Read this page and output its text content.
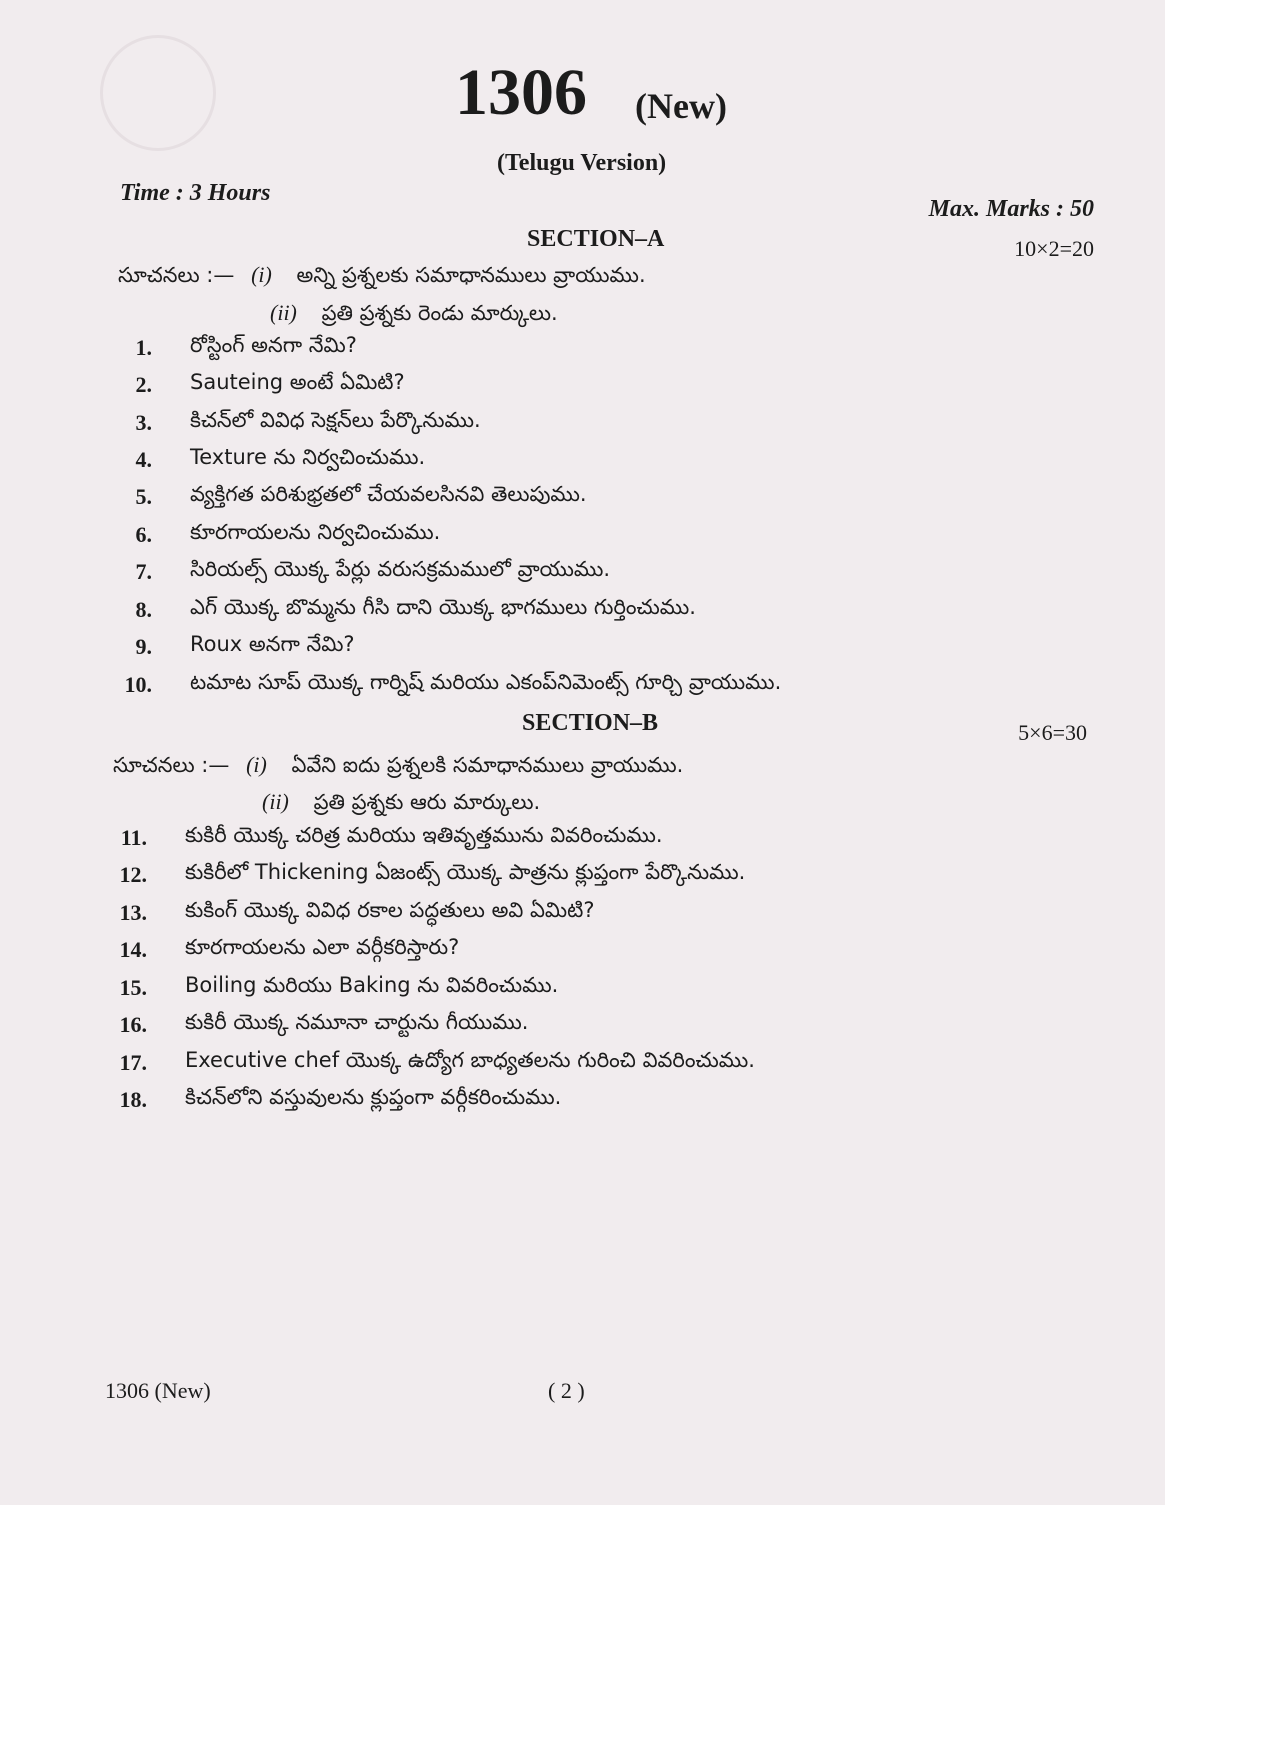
1306 (New)
(Telugu Version)
Time : 3 Hours
Max. Marks : 50
SECTION–A	10×2=20
సూచనలు :— (i) అన్ని ప్రశ్నలకు సమాధానములు వ్రాయుము.
(ii) ప్రతి ప్రశ్నకు రెండు మార్కులు.
1. రోస్టింగ్ అనగా నేమి?
2. Sauteing అంటే ఏమిటి?
3. కిచన్‌లో వివిధ సెక్షన్‌లు పేర్కొనుము.
4. Texture ను నిర్వచించుము.
5. వ్యక్తిగత పరిశుభ్రతలో చేయవలసినవి తెలుపుము.
6. కూరగాయలను నిర్వచించుము.
7. సిరియల్స్ యొక్క పేర్లు వరుసక్రమములో వ్రాయుము.
8. ఎగ్ యొక్క బొమ్మను గీసి దాని యొక్క భాగములు గుర్తించుము.
9. Roux అనగా నేమి?
10. టమాట సూప్ యొక్క గార్నిష్ మరియు ఎకంప్‌నిమెంట్స్ గూర్చి వ్రాయుము.
SECTION–B	5×6=30
సూచనలు :— (i) ఏవేని ఐదు ప్రశ్నలకి సమాధానములు వ్రాయుము.
(ii) ప్రతి ప్రశ్నకు ఆరు మార్కులు.
11. కుకిరీ యొక్క చరిత్ర మరియు ఇతివృత్తమును వివరించుము.
12. కుకిరీలో Thickening ఏజంట్స్ యొక్క పాత్రను క్లుప్తంగా పేర్కొనుము.
13. కుకింగ్ యొక్క వివిధ రకాల పద్ధతులు అవి ఏమిటి?
14. కూరగాయలను ఎలా వర్గీకరిస్తారు?
15. Boiling మరియు Baking ను వివరించుము.
16. కుకిరీ యొక్క నమూనా చార్టును గీయుము.
17. Executive chef యొక్క ఉద్యోగ బాధ్యతలను గురించి వివరించుము.
18. కిచన్‌లోని వస్తువులను క్లుప్తంగా వర్గీకరించుము.
1306 (New)	( 2 )
